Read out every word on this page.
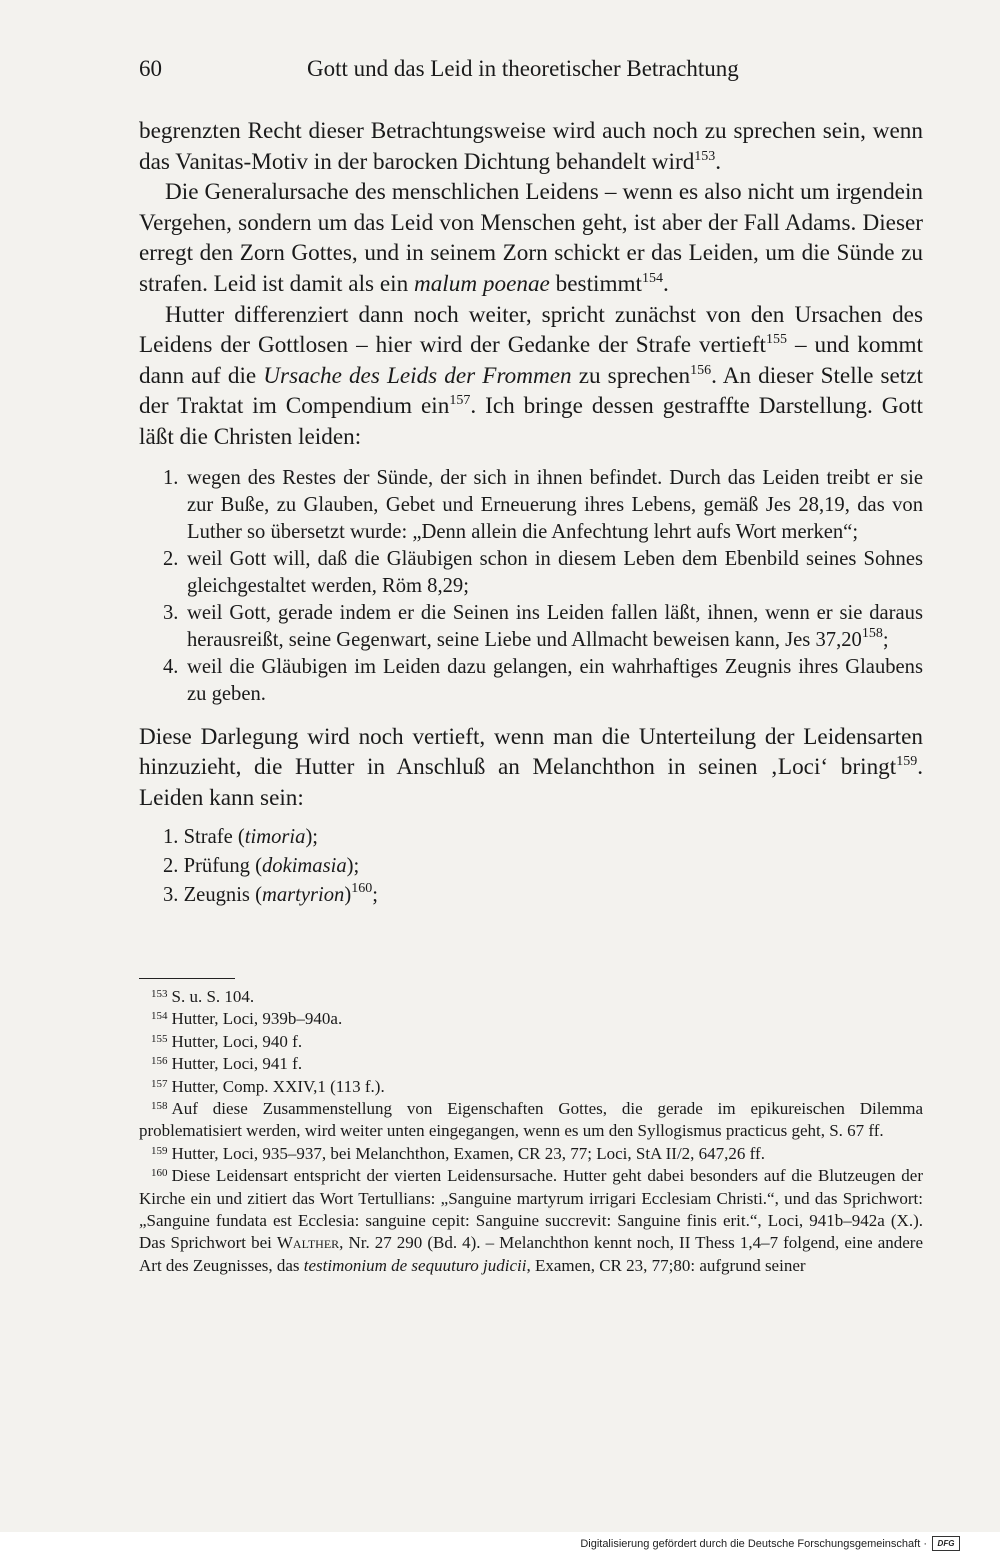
60	Gott und das Leid in theoretischer Betrachtung

begrenzten Recht dieser Betrachtungsweise wird auch noch zu sprechen sein, wenn das Vanitas-Motiv in der barocken Dichtung behandelt wird$^{153}$.

Die Generalursache des menschlichen Leidens – wenn es also nicht um irgendein Vergehen, sondern um das Leid von Menschen geht, ist aber der Fall Adams. Dieser erregt den Zorn Gottes, und in seinem Zorn schickt er das Leiden, um die Sünde zu strafen. Leid ist damit als ein malum poenae bestimmt$^{154}$.

Hutter differenziert dann noch weiter, spricht zunächst von den Ursachen des Leidens der Gottlosen – hier wird der Gedanke der Strafe vertieft$^{155}$ – und kommt dann auf die Ursache des Leids der Frommen zu sprechen$^{156}$. An dieser Stelle setzt der Traktat im Compendium ein$^{157}$. Ich bringe dessen gestraffte Darstellung. Gott läßt die Christen leiden:

1. wegen des Restes der Sünde, der sich in ihnen befindet. Durch das Leiden treibt er sie zur Buße, zu Glauben, Gebet und Erneuerung ihres Lebens, gemäß Jes 28,19, das von Luther so übersetzt wurde: „Denn allein die Anfechtung lehrt aufs Wort merken“;
2. weil Gott will, daß die Gläubigen schon in diesem Leben dem Ebenbild seines Sohnes gleichgestaltet werden, Röm 8,29;
3. weil Gott, gerade indem er die Seinen ins Leiden fallen läßt, ihnen, wenn er sie daraus herausreißt, seine Gegenwart, seine Liebe und Allmacht beweisen kann, Jes 37,20$^{158}$;
4. weil die Gläubigen im Leiden dazu gelangen, ein wahrhaftiges Zeugnis ihres Glaubens zu geben.

Diese Darlegung wird noch vertieft, wenn man die Unterteilung der Leidensarten hinzuzieht, die Hutter in Anschluß an Melanchthon in seinen ‚Loci‘ bringt$^{159}$. Leiden kann sein:

1. Strafe (timoria);
2. Prüfung (dokimasia);
3. Zeugnis (martyrion)$^{160}$;

$^{153}$ S. u. S. 104.

$^{154}$ Hutter, Loci, 939b–940a.

$^{155}$ Hutter, Loci, 940 f.

$^{156}$ Hutter, Loci, 941 f.

$^{157}$ Hutter, Comp. XXIV,1 (113 f.).

$^{158}$ Auf diese Zusammenstellung von Eigenschaften Gottes, die gerade im epikureischen Dilemma problematisiert werden, wird weiter unten eingegangen, wenn es um den Syllogismus practicus geht, S. 67 ff.

$^{159}$ Hutter, Loci, 935–937, bei Melanchthon, Examen, CR 23, 77; Loci, StA II/2, 647,26 ff.

$^{160}$ Diese Leidensart entspricht der vierten Leidensursache. Hutter geht dabei besonders auf die Blutzeugen der Kirche ein und zitiert das Wort Tertullians: „Sanguine martyrum irrigari Ecclesiam Christi.“, und das Sprichwort: „Sanguine fundata est Ecclesia: sanguine cepit: Sanguine succrevit: Sanguine finis erit.“, Loci, 941b–942a (X.). Das Sprichwort bei Walther, Nr. 27 290 (Bd. 4). – Melanchthon kennt noch, II Thess 1,4–7 folgend, eine andere Art des Zeugnisses, das testimonium de sequuturo judicii, Examen, CR 23, 77;80: aufgrund seiner

Digitalisierung gefördert durch die Deutsche Forschungsgemeinschaft ·	DFG
